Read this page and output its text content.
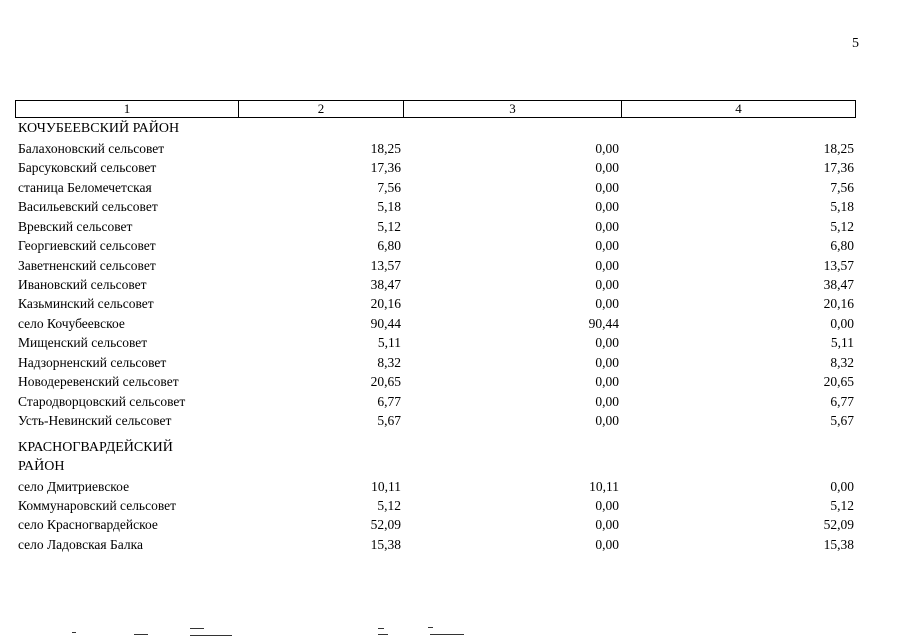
5
1	2	3	4
КОЧУБЕЕВСКИЙ РАЙОН
Балахоновский сельсовет	18,25	0,00	18,25
Барсуковский сельсовет	17,36	0,00	17,36
станица Беломечетская	7,56	0,00	7,56
Васильевский сельсовет	5,18	0,00	5,18
Вревский сельсовет	5,12	0,00	5,12
Георгиевский сельсовет	6,80	0,00	6,80
Заветненский сельсовет	13,57	0,00	13,57
Ивановский сельсовет	38,47	0,00	38,47
Казьминский сельсовет	20,16	0,00	20,16
село Кочубеевское	90,44	90,44	0,00
Мищенский сельсовет	5,11	0,00	5,11
Надзорненский сельсовет	8,32	0,00	8,32
Новодеревенский сельсовет	20,65	0,00	20,65
Стародворцовский сельсовет	6,77	0,00	6,77
Усть-Невинский сельсовет	5,67	0,00	5,67
КРАСНОГВАРДЕЙСКИЙ
РАЙОН
село Дмитриевское	10,11	10,11	0,00
Коммунаровский сельсовет	5,12	0,00	5,12
село Красногвардейское	52,09	0,00	52,09
село Ладовская Балка	15,38	0,00	15,38
